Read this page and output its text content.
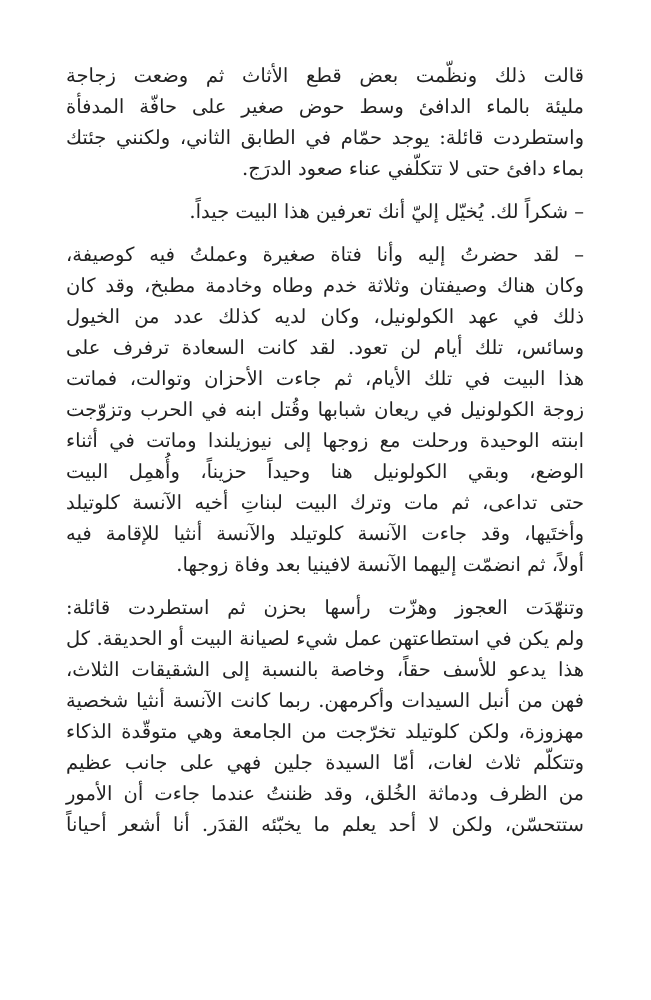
قالت ذلك ونظّمت بعض قطع الأثاث ثم وضعت زجاجة
مليئة بالماء الدافئ وسط حوض صغير على حافّة المدفأة
واستطردت قائلة: يوجد حمّام في الطابق الثاني، ولكنني جئتك
بماء دافئ حتى لا تتكلّفي عناء صعود الدرَج.

– شكراً لك. يُخيّل إليّ أنك تعرفين هذا البيت جيداً.

– لقد حضرتُ إليه وأنا فتاة صغيرة وعملتُ فيه كوصيفة،
وكان هناك وصيفتان وثلاثة خدم وطاه وخادمة مطبخ، وقد كان
ذلك في عهد الكولونيل، وكان لديه كذلك عدد من الخيول
وسائس، تلك أيام لن تعود. لقد كانت السعادة ترفرف على
هذا البيت في تلك الأيام، ثم جاءت الأحزان وتوالت، فماتت
زوجة الكولونيل في ريعان شبابها وقُتل ابنه في الحرب وتزوّجت
ابنته الوحيدة ورحلت مع زوجها إلى نيوزيلندا وماتت في أثناء
الوضع، وبقي الكولونيل هنا وحيداً حزيناً، وأُهمِل البيت
حتى تداعى، ثم مات وترك البيت لبناتِ أخيه الآنسة كلوتيلد
وأختَيها، وقد جاءت الآنسة كلوتيلد والآنسة أنثيا للإقامة فيه
أولاً، ثم انضمّت إليهما الآنسة لافينيا بعد وفاة زوجها.

وتنهّدَت العجوز وهزّت رأسها بحزن ثم استطردت قائلة:
ولم يكن في استطاعتهن عمل شيء لصيانة البيت أو الحديقة. كل
هذا يدعو للأسف حقاً، وخاصة بالنسبة إلى الشقيقات الثلاث،
فهن من أنبل السيدات وأكرمهن. ربما كانت الآنسة أنثيا شخصية
مهزوزة، ولكن كلوتيلد تخرّجت من الجامعة وهي متوقّدة الذكاء
وتتكلّم ثلاث لغات، أمّا السيدة جلين فهي على جانب عظيم
من الظرف ودماثة الخُلق، وقد ظننتُ عندما جاءت أن الأمور
ستتحسّن، ولكن لا أحد يعلم ما يخبّئه القدَر. أنا أشعر أحياناً
